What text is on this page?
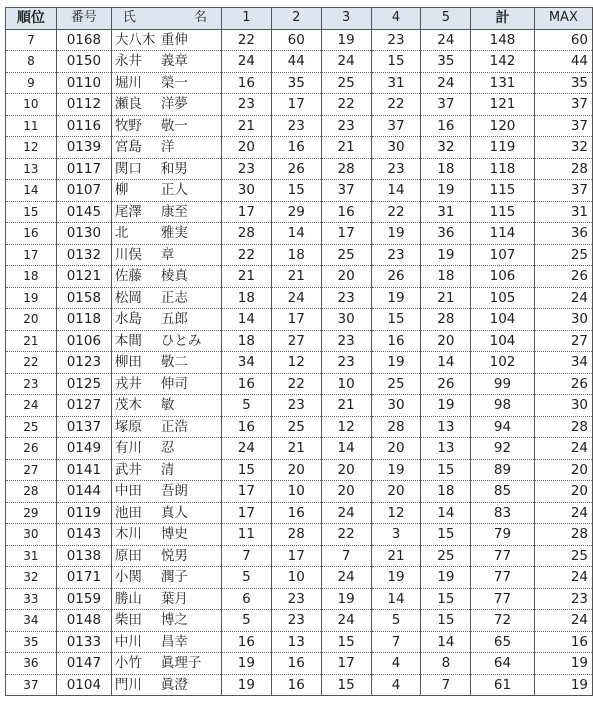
順位	番号	氏 名	1	2	3	4	5	計	MAX
7	0168	大八木 重伸	22	60	19	23	24	148	60
8	0150	永井 義章	24	44	24	15	35	142	44
9	0110	堀川 榮一	16	35	25	31	24	131	35
10	0112	瀬良 洋夢	23	17	22	22	37	121	37
11	0116	牧野 敬一	21	23	23	37	16	120	37
12	0139	宮島 洋	20	16	21	30	32	119	32
13	0117	関口 和男	23	26	28	23	18	118	28
14	0107	柳 正人	30	15	37	14	19	115	37
15	0145	尾澤 康至	17	29	16	22	31	115	31
16	0130	北 雅実	28	14	17	19	36	114	36
17	0132	川俣 章	22	18	25	23	19	107	25
18	0121	佐藤 棱真	21	21	20	26	18	106	26
19	0158	松岡 正志	18	24	23	19	21	105	24
20	0118	水島 五郎	14	17	30	15	28	104	30
21	0106	本間 ひとみ	18	27	23	16	20	104	27
22	0123	柳田 敬二	34	12	23	19	14	102	34
23	0125	戎井 伸司	16	22	10	25	26	99	26
24	0127	茂木 敏	5	23	21	30	19	98	30
25	0137	塚原 正浩	16	25	12	28	13	94	28
26	0149	有川 忍	24	21	14	20	13	92	24
27	0141	武井 清	15	20	20	19	15	89	20
28	0144	中田 吾朗	17	10	20	20	18	85	20
29	0119	池田 真人	17	16	24	12	14	83	24
30	0143	木川 博史	11	28	22	3	15	79	28
31	0138	原田 悦男	7	17	7	21	25	77	25
32	0171	小関 潤子	5	10	24	19	19	77	24
33	0159	勝山 葉月	6	23	19	14	15	77	23
34	0148	柴田 博之	5	23	24	5	15	72	24
35	0133	中川 昌幸	16	13	15	7	14	65	16
36	0147	小竹 眞理子	19	16	17	4	8	64	19
37	0104	門川 眞澄	19	16	15	4	7	61	19
